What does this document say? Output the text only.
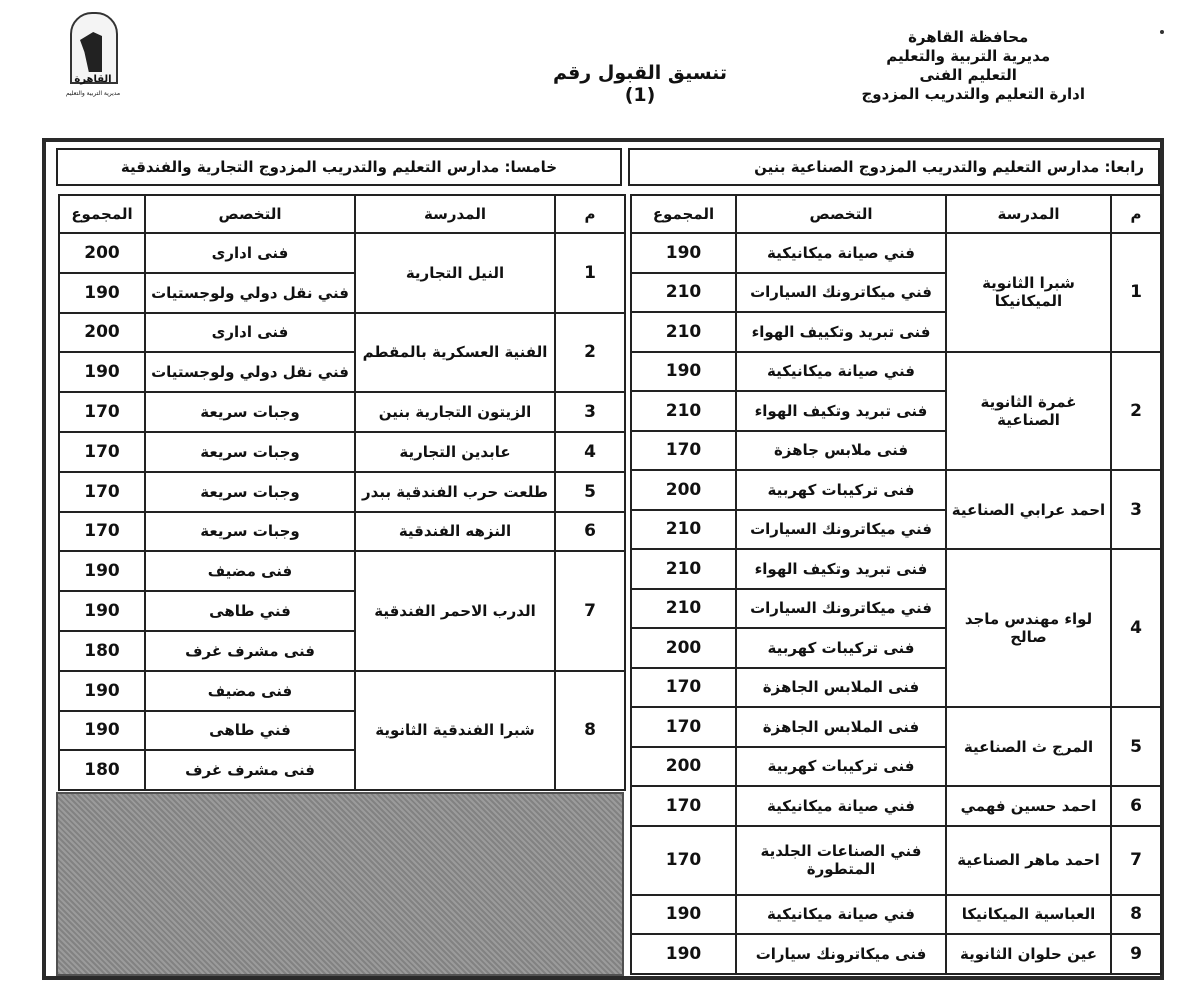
القاهرة
مديرية التربية والتعليم
محافظة القاهرة
مديرية التربية والتعليم
التعليم الفنى
ادارة التعليم والتدريب المزدوج
تنسيق القبول رقم (1)
رابعا: مدارس التعليم والتدريب المزدوج الصناعية بنين
خامسا: مدارس التعليم والتدريب المزدوج التجارية والفندقية
م	المدرسة	التخصص	المجموع
1	شبرا الثانوية الميكانيكا	فني صيانة ميكانيكية	190
		فني ميكاترونك السيارات	210
		فنى تبريد وتكييف الهواء	210
2	غمرة الثانوية الصناعية	فني صيانة ميكانيكية	190
		فنى تبريد وتكيف الهواء	210
		فنى ملابس جاهزة	170
3	احمد عرابي الصناعية	فنى تركيبات كهربية	200
		فني ميكاترونك السيارات	210
4	لواء مهندس ماجد صالح	فنى تبريد وتكيف الهواء	210
		فني ميكاترونك السيارات	210
		فنى تركيبات كهربية	200
		فنى الملابس الجاهزة	170
5	المرج ث الصناعية	فنى الملابس الجاهزة	170
		فنى تركيبات كهربية	200
6	احمد حسين فهمي	فني صيانة ميكانيكية	170
7	احمد ماهر الصناعية	فني الصناعات الجلدية المتطورة	170
8	العباسية الميكانيكا	فني صيانة ميكانيكية	190
9	عين حلوان الثانوية	فنى ميكاترونك سيارات	190
م	المدرسة	التخصص	المجموع
1	النيل التجارية	فنى ادارى	200
		فني نقل دولي ولوجستيات	190
2	الفنية العسكرية بالمقطم	فنى ادارى	200
		فني نقل دولي ولوجستيات	190
3	الزيتون التجارية بنين	وجبات سريعة	170
4	عابدين التجارية	وجبات سريعة	170
5	طلعت حرب الفندقية ببدر	وجبات سريعة	170
6	النزهه الفندقية	وجبات سريعة	170
7	الدرب الاحمر الفندقية	فنى مضيف	190
		فني طاهى	190
		فنى مشرف غرف	180
8	شبرا الفندقية الثانوية	فنى مضيف	190
		فني طاهى	190
		فنى مشرف غرف	180
